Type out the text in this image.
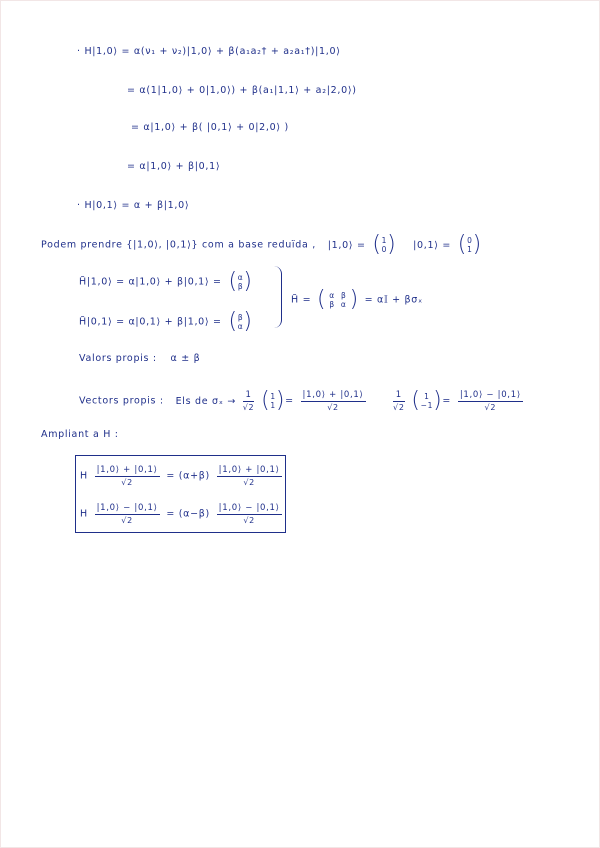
· H|1,0⟩ = α(ν₁ + ν₂)|1,0⟩ + β(a₁a₂† + a₂a₁†)|1,0⟩
= α(1|1,0⟩ + 0|1,0⟩) + β(a₁|1,1⟩ + a₂|2,0⟩)
= α|1,0⟩ + β( |0,1⟩ + 0|2,0⟩ )
= α|1,0⟩ + β|0,1⟩
· H|0,1⟩ = α + β|1,0⟩
Podem prendre {|1,0⟩, |0,1⟩} com a base reduïda , |1,0⟩ = (1
0) |0,1⟩ = (0
1)
H̃|1,0⟩ = α|1,0⟩ + β|0,1⟩ = (α
β)
H̃|0,1⟩ = α|0,1⟩ + β|1,0⟩ = (β
α)
H̃ = ( α	β
β	α ) = α𝕀 + βσₓ
Valors propis : α ± β
Vectors propis : Els de $\sigma_x \to \frac{1}{√2} (1$
$1)= \frac{|1,0⟩ + |0,1⟩}{√2}$
	$\frac{1}{√2}$ ( 1
$-1)= \frac{|1,0⟩ - |0,1⟩}{√2}$
Ampliant a H :
H $\frac{|1,0⟩ + |0,1⟩}{√2} = (\alpha+\beta) \frac{|1,0⟩ + |0,1⟩}{√2}$
H $\frac{|1,0⟩ - |0,1⟩}{√2} = (\alpha-\beta) \frac{|1,0⟩ - |0,1⟩}{√2}$
